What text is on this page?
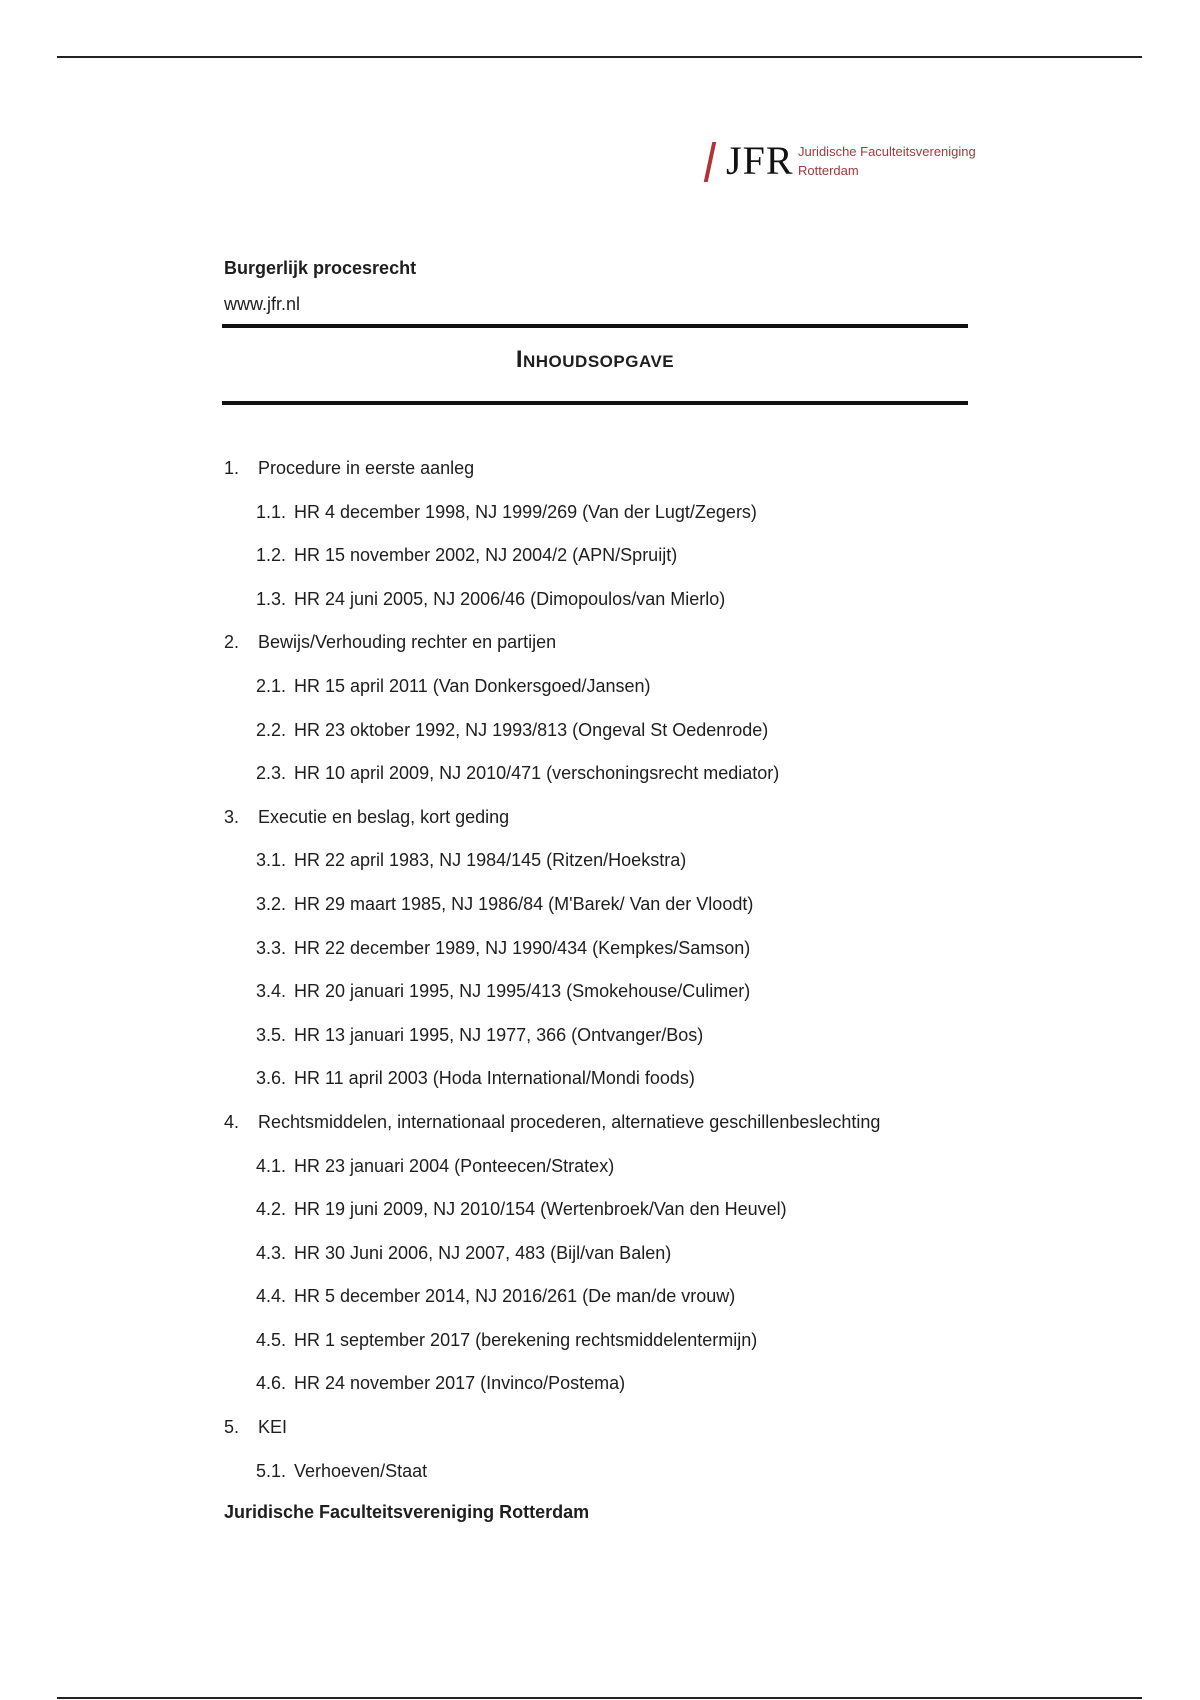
JFR Juridische Faculteitsvereniging
Rotterdam
Burgerlijk procesrecht
www.jfr.nl
Inhoudsopgave
1. Procedure in eerste aanleg
1.1. HR 4 december 1998, NJ 1999/269 (Van der Lugt/Zegers)
1.2. HR 15 november 2002, NJ 2004/2 (APN/Spruijt)
1.3. HR 24 juni 2005, NJ 2006/46 (Dimopoulos/van Mierlo)
2. Bewijs/Verhouding rechter en partijen
2.1. HR 15 april 2011 (Van Donkersgoed/Jansen)
2.2. HR 23 oktober 1992, NJ 1993/813 (Ongeval St Oedenrode)
2.3. HR 10 april 2009, NJ 2010/471 (verschoningsrecht mediator)
3. Executie en beslag, kort geding
3.1. HR 22 april 1983, NJ 1984/145 (Ritzen/Hoekstra)
3.2. HR 29 maart 1985, NJ 1986/84 (M'Barek/ Van der Vloodt)
3.3. HR 22 december 1989, NJ 1990/434 (Kempkes/Samson)
3.4. HR 20 januari 1995, NJ 1995/413 (Smokehouse/Culimer)
3.5. HR 13 januari 1995, NJ 1977, 366 (Ontvanger/Bos)
3.6. HR 11 april 2003 (Hoda International/Mondi foods)
4. Rechtsmiddelen, internationaal procederen, alternatieve geschillenbeslechting
4.1. HR 23 januari 2004 (Ponteecen/Stratex)
4.2. HR 19 juni 2009, NJ 2010/154 (Wertenbroek/Van den Heuvel)
4.3. HR 30 Juni 2006, NJ 2007, 483 (Bijl/van Balen)
4.4. HR 5 december 2014, NJ 2016/261 (De man/de vrouw)
4.5. HR 1 september 2017 (berekening rechtsmiddelentermijn)
4.6. HR 24 november 2017 (Invinco/Postema)
5. KEI
5.1. Verhoeven/Staat
Juridische Faculteitsvereniging Rotterdam
